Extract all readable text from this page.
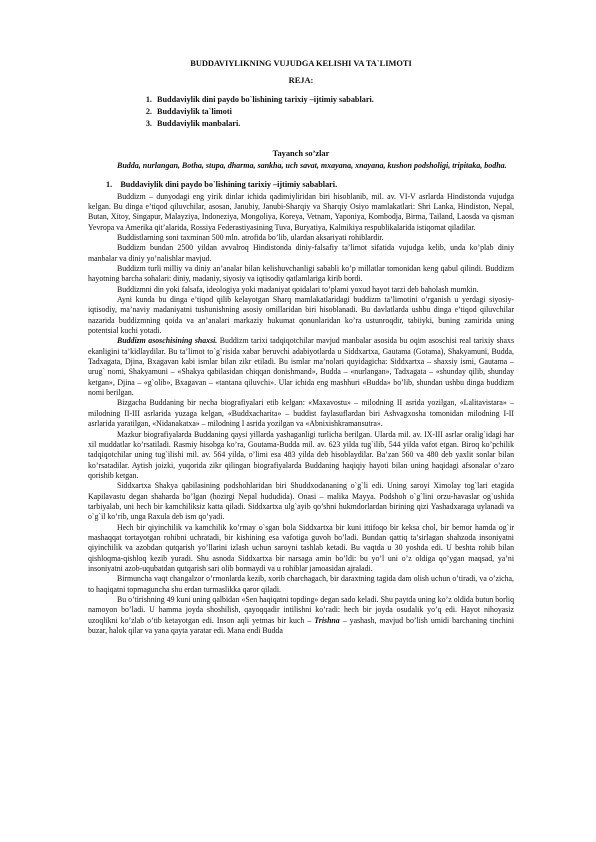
BUDDAVIYLIKNING VUJUDGA KELISHI VA TA`LIMOTI
REJA:
1. Buddaviylik dini paydo bo`lishining tarixiy –ijtimiy sabablari.
2. Buddaviylik ta`limoti
3. Buddaviylik manbalari.
Tayanch so’zlar
Budda, nurlangan, Botha, stupa, dharma, sankha, uch savat, mxayana, xnayana, kushon podsholigi, tripitaka, bodha.
1.    Buddaviylik dini paydo bo`lishining tarixiy –ijtimiy sabablari.

Buddizm – dunyodagi eng yirik dinlar ichida qadimiyliridan biri hisoblanib, mil. av. VI-V asrlarda Hindistonda vujudga kelgan. Bu dinga e’tiqod qiluvchilar, asosan, Janubiy, Janubi-Sharqiy va Sharqiy Osiyo mamlakatlari: Shri Lanka, Hindiston, Nepal, Butan, Xitoy, Singapur, Malayziya, Indoneziya, Mongoliya, Koreya, Vetnam, Yaponiya, Kombodja, Birma, Tailand, Laosda va qisman Yevropa va Amerika qit’alarida, Rossiya Federastiyasining Tuva, Buryatiya, Kalmikiya respublikalarida istiqomat qiladilar.

Buddistlarning soni taxminan 500 mln. atrofida bo’lib, ulardan aksariyati rohiblardir.

Buddizm bundan 2500 yildan avvalroq Hindistonda diniy-falsafiy ta’limot sifatida vujudga kelib, unda ko’plab diniy manbalar va diniy yo’nalishlar mavjud.

Buddizm turli milliy va diniy an’analar bilan kelishuvchanligi sababli ko’p millatlar tomonidan keng qabul qilindi. Buddizm hayotning barcha sohalari: diniy, madaniy, siyosiy va iqtisodiy qatlamlariga kirib bordi.

Buddizmni din yoki falsafa, ideologiya yoki madaniyat qoidalari to’plami yoxud hayot tarzi deb baholash mumkin.

Ayni kunda bu dinga e’tiqod qilib kelayotgan Sharq mamlakatlaridagi buddizm ta’limotini o’rganish u yerdagi siyosiy-iqtisodiy, ma’naviy madaniyatni tushunishning asosiy omillaridan biri hisoblanadi. Bu davlatlarda ushbu dinga e’tiqod qiluvchilar nazarida buddizmning qoida va an’analari markaziy hukumat qonunlaridan ko’ra ustunroqdir, tabiiyki, buning zamirida uning potentsial kuchi yotadi.

Buddizm asoschisining shaxsi. Buddizm tarixi tadqiqotchilar mavjud manbalar asosida bu oqim asoschisi real tarixiy shaxs ekanligini ta’kidlaydilar. Bu ta’limot to`g`risida xabar beruvchi adabiyotlarda u Siddxartxa, Gautama (Gotama), Shakyamuni, Budda, Tadxagata, Djina, Bxagavan kabi ismlar bilan zikr etiladi. Bu ismlar ma’nolari quyidagicha: Siddxartxa – shaxsiy ismi, Gautama – urug` nomi, Shakyamuni – «Shakya qabilasidan chiqqan donishmand», Budda – «nurlangan», Tadxagata – «shunday qilib, shunday ketgan», Djina – «g`olib», Bxagavan – «tantana qiluvchi». Ular ichida eng mashhuri «Budda» bo’lib, shundan ushbu dinga buddizm nomi berilgan.

Bizgacha Buddaning bir necha biografiyalari etib kelgan: «Maxavostu» – milodning II asrida yozilgan, «Lalitavistara» – milodning II-III asrlarida yuzaga kelgan, «Buddxacharita» – buddist faylasuflardan biri Ashvagxosha tomonidan milodning I-II asrlarida yaratilgan, «Nidanakatxa» – milodning I asrida yozilgan va «Abnixishkramansutra».

Mazkur biografiyalarda Buddaning qaysi yillarda yashaganligi turlicha berilgan. Ularda mil. av. IX-III asrlar oralig`idagi har xil muddatlar ko’rsatiladi. Rasmiy hisobga ko’ra, Goutama-Budda mil. av. 623 yilda tug`ilib, 544 yilda vafot etgan. Biroq ko’pchilik tadqiqotchilar uning tug`ilishi mil. av. 564 yilda, o’limi esa 483 yilda deb hisoblaydilar. Ba’zan 560 va 480 deb yaxlit sonlar bilan ko’rsatadilar. Aytish joizki, yuqorida zikr qilingan biografiyalarda Buddaning haqiqiy hayoti bilan uning haqidagi afsonalar o’zaro qorishib ketgan.

Siddxartxa Shakya qabilasining podshohlaridan biri Shuddxodananing o`g`li edi. Uning saroyi Ximolay tog`lari etagida Kapilavastu degan shaharda bo’lgan (hozirgi Nepal hududida). Onasi – malika Mayya. Podshoh o`g`lini orzu-havaslar og`ushida tarbiyalab, uni hech bir kamchiliksiz katta qiladi. Siddxartxa ulg`ayib qo’shni hukmdorlardan birining qizi Yashadxaraga uylanadi va o`g`il ko’rib, unga Raxula deb ism qo’yadi.

Hech bir qiyinchilik va kamchilik ko’rmay o`sgan bola Siddxartxa bir kuni ittifoqo bir keksa chol, bir bemor hamda og`ir mashaqqat tortayotgan rohibni uchratadi, bir kishining esa vafotiga guvoh bo’ladi. Bundan qattiq ta’sirlagan shahzoda insoniyatni qiyinchilik va azobdan qutqarish yo’llarini izlash uchun saroyni tashlab ketadi. Bu vaqtda u 30 yoshda edi. U beshta rohib bilan qishloqma-qishloq kezib yuradi. Shu asnoda Siddxartxa bir narsaga amin bo’ldi: bu yo’l uni o’z oldiga qo’ygan maqsad, ya’ni insoniyatni azob-uqubatdan qutqarish sari olib bormaydi va u rohiblar jamoasidan ajraladi.

Birmuncha vaqt changalzor o’rmonlarda kezib, xorib charchagach, bir daraxtning tagida dam olish uchun o’tiradi, va o’zicha, to haqiqatni topmaguncha shu erdan turmaslikka qaror qiladi.

Bu o’tirishning 49 kuni uning qalbidan «Sen haqiqatni topding» degan sado keladi. Shu paytda uning ko’z oldida butun borliq namoyon bo’ladi. U hamma joyda shoshilish, qayoqqadir intilishni ko’radi: hech bir joyda osudalik yo’q edi. Hayot nihoyasiz uzoqlikni ko’zlab o’tib ketayotgan edi. Inson aqli yetmas bir kuch – Trishna – yashash, mavjud bo’lish umidi barchaning tinchini buzar, halok qilar va yana qayta yaratar edi. Mana endi Budda
